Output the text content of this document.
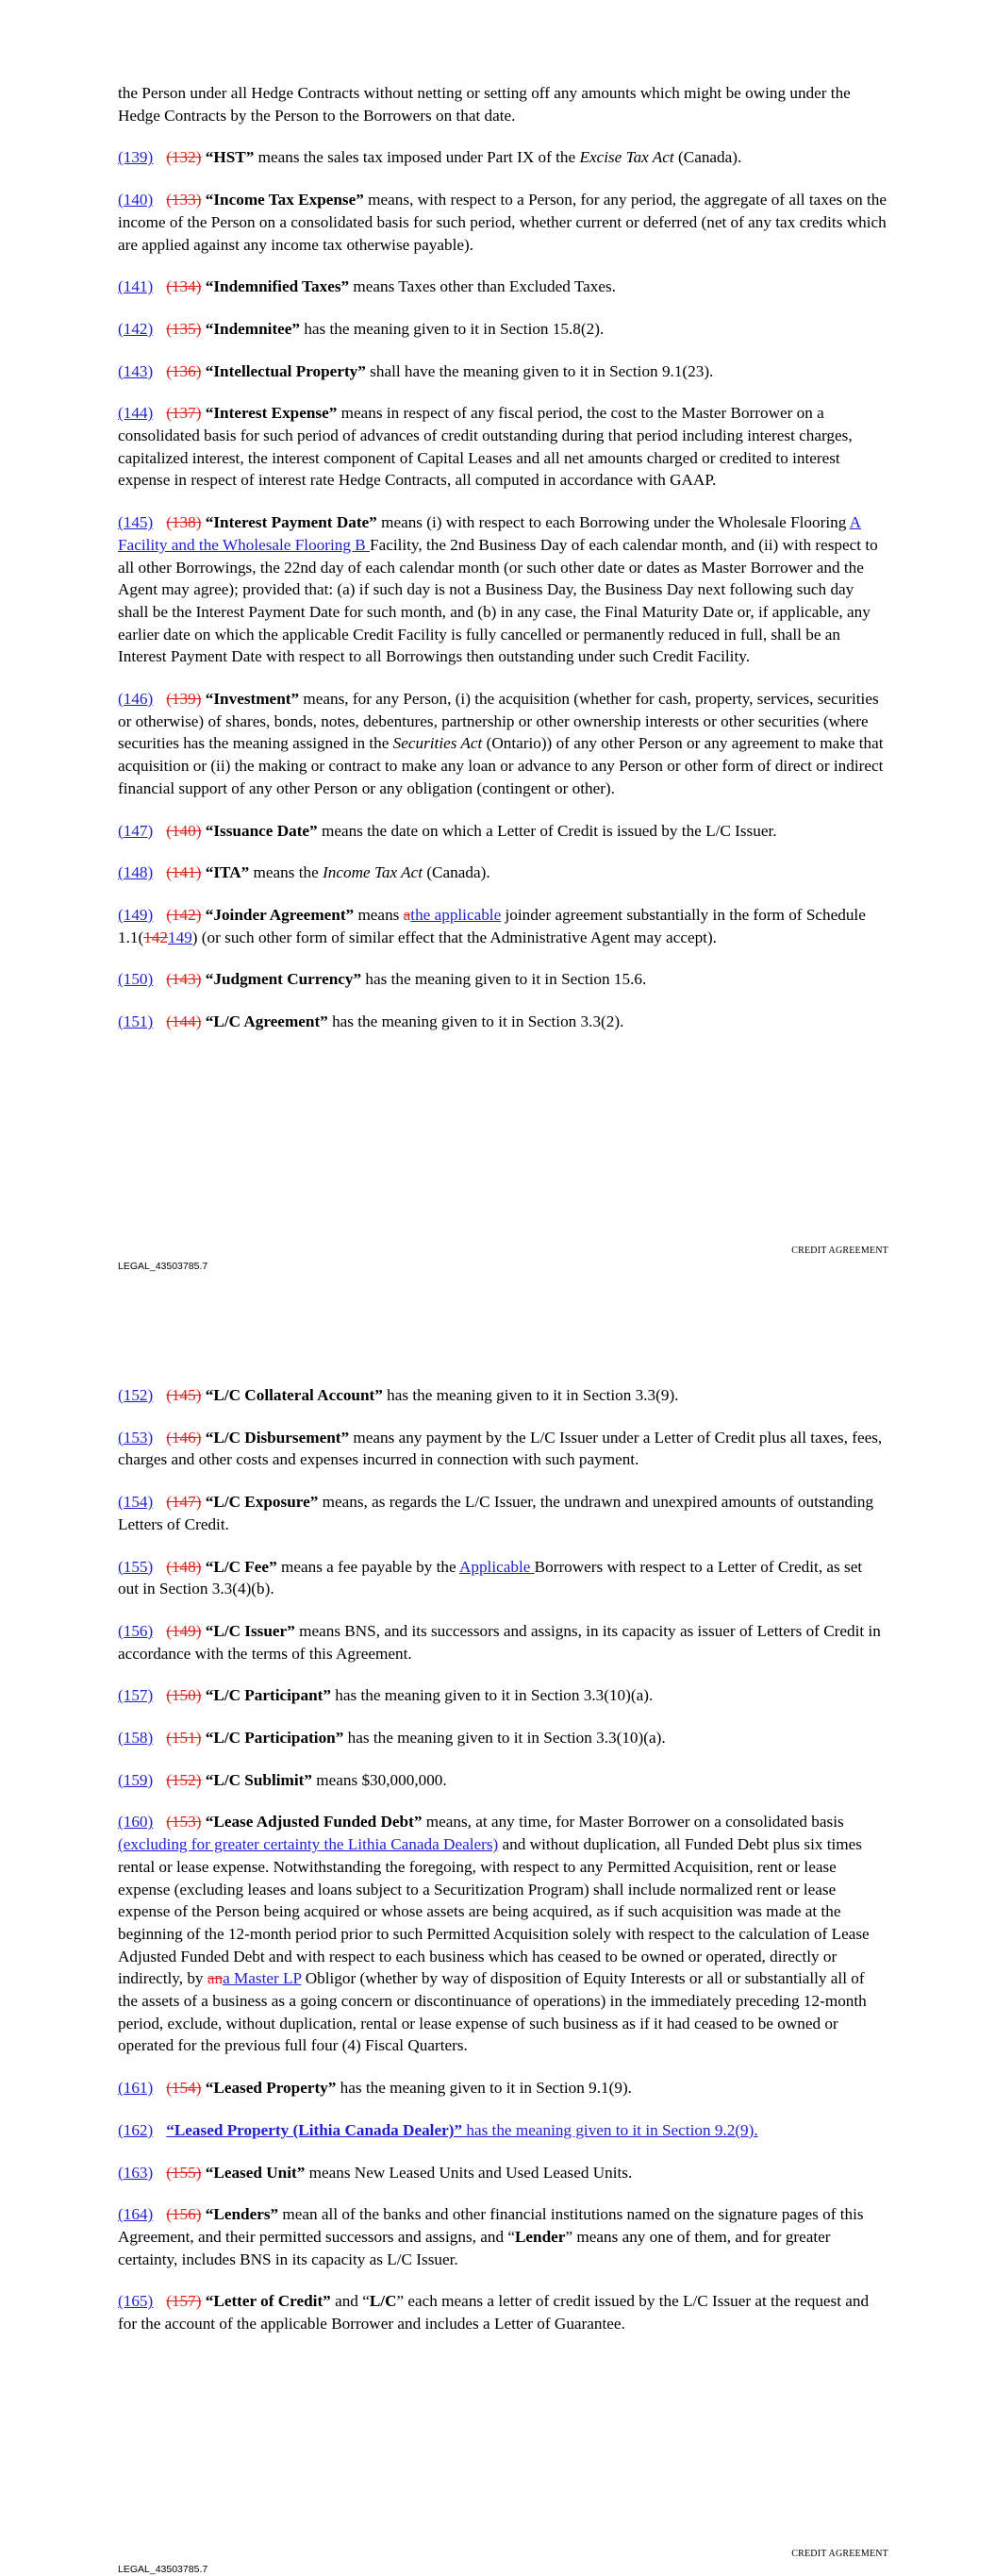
the Person under all Hedge Contracts without netting or setting off any amounts which might be owing under the Hedge Contracts by the Person to the Borrowers on that date.

(139) (132) “HST” means the sales tax imposed under Part IX of the Excise Tax Act (Canada).

(140) (133) “Income Tax Expense” means, with respect to a Person, for any period, the aggregate of all taxes on the income of the Person on a consolidated basis for such period, whether current or deferred (net of any tax credits which are applied against any income tax otherwise payable).

(141) (134) “Indemnified Taxes” means Taxes other than Excluded Taxes.

(142) (135) “Indemnitee” has the meaning given to it in Section 15.8(2).

(143) (136) “Intellectual Property” shall have the meaning given to it in Section 9.1(23).

(144) (137) “Interest Expense” means in respect of any fiscal period, the cost to the Master Borrower on a consolidated basis for such period of advances of credit outstanding during that period including interest charges, capitalized interest, the interest component of Capital Leases and all net amounts charged or credited to interest expense in respect of interest rate Hedge Contracts, all computed in accordance with GAAP.

(145) (138) “Interest Payment Date” means (i) with respect to each Borrowing under the Wholesale Flooring A Facility and the Wholesale Flooring B Facility, the 2nd Business Day of each calendar month, and (ii) with respect to all other Borrowings, the 22nd day of each calendar month (or such other date or dates as Master Borrower and the Agent may agree); provided that: (a) if such day is not a Business Day, the Business Day next following such day shall be the Interest Payment Date for such month, and (b) in any case, the Final Maturity Date or, if applicable, any earlier date on which the applicable Credit Facility is fully cancelled or permanently reduced in full, shall be an Interest Payment Date with respect to all Borrowings then outstanding under such Credit Facility.

(146) (139) “Investment” means, for any Person, (i) the acquisition (whether for cash, property, services, securities or otherwise) of shares, bonds, notes, debentures, partnership or other ownership interests or other securities (where securities has the meaning assigned in the Securities Act (Ontario)) of any other Person or any agreement to make that acquisition or (ii) the making or contract to make any loan or advance to any Person or other form of direct or indirect financial support of any other Person or any obligation (contingent or other).

(147) (140) “Issuance Date” means the date on which a Letter of Credit is issued by the L/C Issuer.

(148) (141) “ITA” means the Income Tax Act (Canada).

(149) (142) “Joinder Agreement” means athe applicable joinder agreement substantially in the form of Schedule 1.1(142149) (or such other form of similar effect that the Administrative Agent may accept).

(150) (143) “Judgment Currency” has the meaning given to it in Section 15.6.

(151) (144) “L/C Agreement” has the meaning given to it in Section 3.3(2).

CREDIT AGREEMENT
LEGAL_43503785.7

(152) (145) “L/C Collateral Account” has the meaning given to it in Section 3.3(9).

(153) (146) “L/C Disbursement” means any payment by the L/C Issuer under a Letter of Credit plus all taxes, fees, charges and other costs and expenses incurred in connection with such payment.

(154) (147) “L/C Exposure” means, as regards the L/C Issuer, the undrawn and unexpired amounts of outstanding Letters of Credit.

(155) (148) “L/C Fee” means a fee payable by the Applicable Borrowers with respect to a Letter of Credit, as set out in Section 3.3(4)(b).

(156) (149) “L/C Issuer” means BNS, and its successors and assigns, in its capacity as issuer of Letters of Credit in accordance with the terms of this Agreement.

(157) (150) “L/C Participant” has the meaning given to it in Section 3.3(10)(a).

(158) (151) “L/C Participation” has the meaning given to it in Section 3.3(10)(a).

(159) (152) “L/C Sublimit” means $30,000,000.

(160) (153) “Lease Adjusted Funded Debt” means, at any time, for Master Borrower on a consolidated basis (excluding for greater certainty the Lithia Canada Dealers) and without duplication, all Funded Debt plus six times rental or lease expense. Notwithstanding the foregoing, with respect to any Permitted Acquisition, rent or lease expense (excluding leases and loans subject to a Securitization Program) shall include normalized rent or lease expense of the Person being acquired or whose assets are being acquired, as if such acquisition was made at the beginning of the 12-month period prior to such Permitted Acquisition solely with respect to the calculation of Lease Adjusted Funded Debt and with respect to each business which has ceased to be owned or operated, directly or indirectly, by ana Master LP Obligor (whether by way of disposition of Equity Interests or all or substantially all of the assets of a business as a going concern or discontinuance of operations) in the immediately preceding 12-month period, exclude, without duplication, rental or lease expense of such business as if it had ceased to be owned or operated for the previous full four (4) Fiscal Quarters.

(161) (154) “Leased Property” has the meaning given to it in Section 9.1(9).

(162) “Leased Property (Lithia Canada Dealer)” has the meaning given to it in Section 9.2(9).

(163) (155) “Leased Unit” means New Leased Units and Used Leased Units.

(164) (156) “Lenders” mean all of the banks and other financial institutions named on the signature pages of this Agreement, and their permitted successors and assigns, and “Lender” means any one of them, and for greater certainty, includes BNS in its capacity as L/C Issuer.

(165) (157) “Letter of Credit” and “L/C” each means a letter of credit issued by the L/C Issuer at the request and for the account of the applicable Borrower and includes a Letter of Guarantee.

CREDIT AGREEMENT
LEGAL_43503785.7
